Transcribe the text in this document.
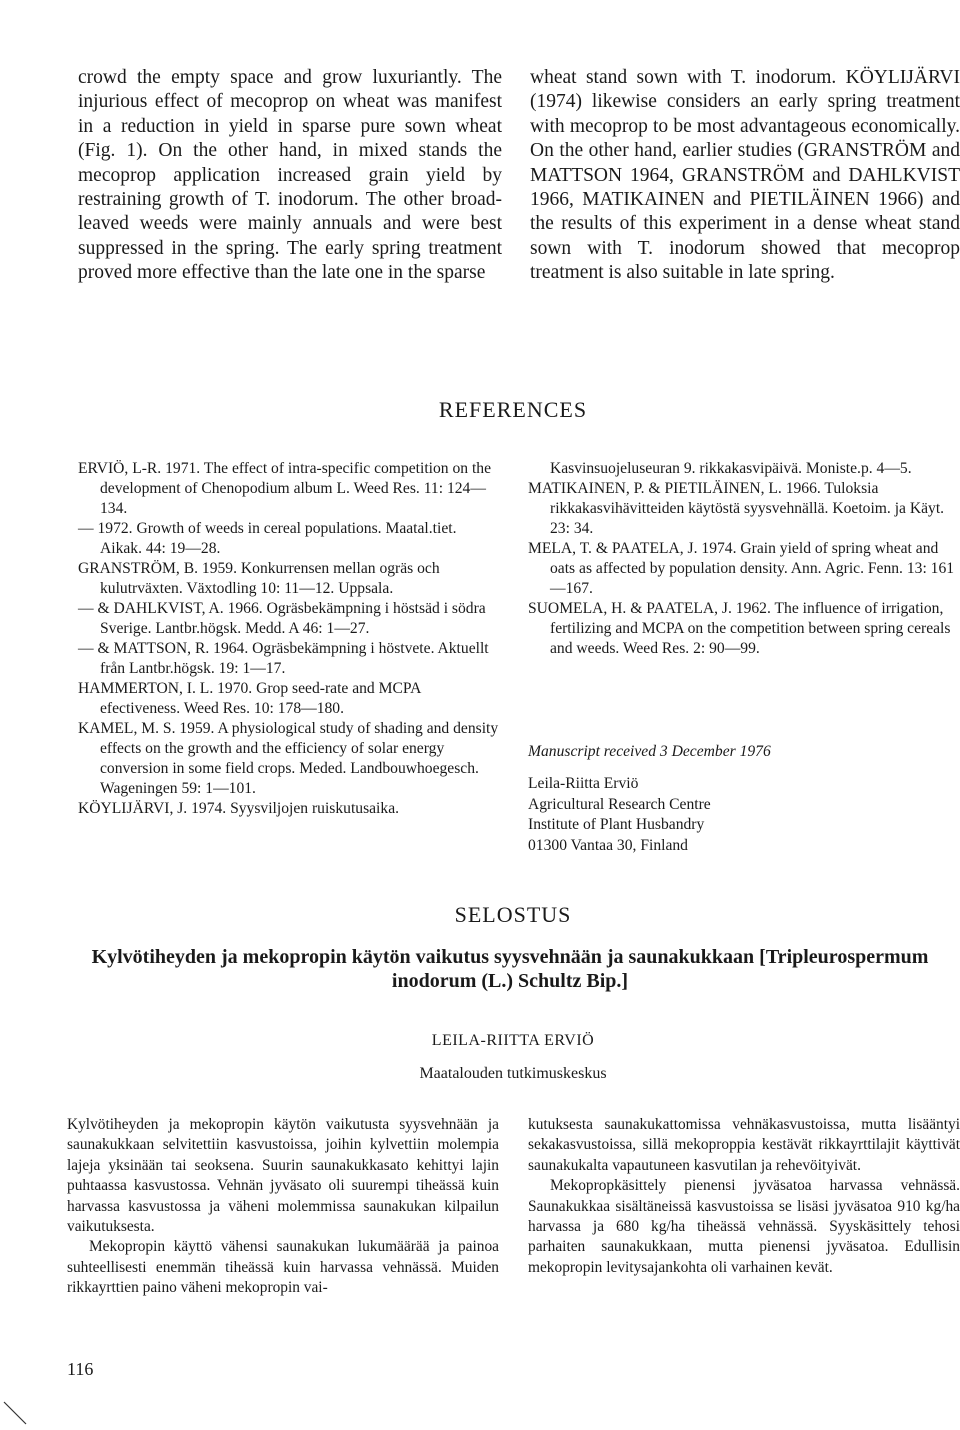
crowd the empty space and grow luxuriantly. The injurious effect of mecoprop on wheat was manifest in a reduction in yield in sparse pure sown wheat (Fig. 1). On the other hand, in mixed stands the mecoprop application increased grain yield by restraining growth of T. inodorum. The other broad-leaved weeds were mainly annuals and were best suppressed in the spring. The early spring treatment proved more effective than the late one in the sparse

wheat stand sown with T. inodorum. KÖYLIJÄRVI (1974) likewise considers an early spring treatment with mecoprop to be most advantageous economically. On the other hand, earlier studies (GRANSTRÖM and MATTSON 1964, GRANSTRÖM and DAHLKVIST 1966, MATIKAINEN and PIETILÄINEN 1966) and the results of this experiment in a dense wheat stand sown with T. inodorum showed that mecoprop treatment is also suitable in late spring.

REFERENCES
ERVIÖ, L-R. 1971. The effect of intra-specific competition on the development of Chenopodium album L. Weed Res. 11: 124—134.
— 1972. Growth of weeds in cereal populations. Maatal.tiet. Aikak. 44: 19—28.
GRANSTRÖM, B. 1959. Konkurrensen mellan ogräs och kulutrväxten. Växtodling 10: 11—12. Uppsala.
— & DAHLKVIST, A. 1966. Ogräsbekämpning i höstsäd i södra Sverige. Lantbr.högsk. Medd. A 46: 1—27.
— & MATTSON, R. 1964. Ogräsbekämpning i höstvete. Aktuellt från Lantbr.högsk. 19: 1—17.
HAMMERTON, I. L. 1970. Grop seed-rate and MCPA efectiveness. Weed Res. 10: 178—180.
KAMEL, M. S. 1959. A physiological study of shading and density effects on the growth and the efficiency of solar energy conversion in some field crops. Meded. Landbouwhoegesch. Wageningen 59: 1—101.
KÖYLIJÄRVI, J. 1974. Syysviljojen ruiskutusaika.
Kasvinsuojeluseuran 9. rikkakasvipäivä. Moniste.p. 4—5.
MATIKAINEN, P. & PIETILÄINEN, L. 1966. Tuloksia rikkakasvihävitteiden käytöstä syysvehnällä. Koetoim. ja Käyt. 23: 34.
MELA, T. & PAATELA, J. 1974. Grain yield of spring wheat and oats as affected by population density. Ann. Agric. Fenn. 13: 161—167.
SUOMELA, H. & PAATELA, J. 1962. The influence of irrigation, fertilizing and MCPA on the competition between spring cereals and weeds. Weed Res. 2: 90—99.
Manuscript received 3 December 1976
Leila-Riitta Erviö
Agricultural Research Centre
Institute of Plant Husbandry
01300 Vantaa 30, Finland
SELOSTUS
Kylvötiheyden ja mekopropin käytön vaikutus syysvehnään ja saunakukkaan [Tripleurospermum inodorum (L.) Schultz Bip.]
LEILA-RIITTA ERVIÖ
Maatalouden tutkimuskeskus

Kylvötiheyden ja mekopropin käytön vaikutusta syysvehnään ja saunakukkaan selvitettiin kasvustoissa, joihin kylvettiin molempia lajeja yksinään tai seoksena. Suurin saunakukkasato kehittyi lajin puhtaassa kasvustossa. Vehnän jyväsato oli suurempi tiheässä kuin harvassa kasvustossa ja väheni molemmissa saunakukan kilpailun vaikutuksesta.

Mekopropin käyttö vähensi saunakukan lukumäärää ja painoa suhteellisesti enemmän tiheässä kuin harvassa vehnässä. Muiden rikkayrttien paino väheni mekopropin vai-

kutuksesta saunakukattomissa vehnäkasvustoissa, mutta lisääntyi sekakasvustoissa, sillä mekoproppia kestävät rikkayrttilajit käyttivät saunakukalta vapautuneen kasvutilan ja rehevöityivät.

Mekopropkäsittely pienensi jyväsatoa harvassa vehnässä. Saunakukkaa sisältäneissä kasvustoissa se lisäsi jyväsatoa 910 kg/ha harvassa ja 680 kg/ha tiheässä vehnässä. Syyskäsittely tehosi parhaiten saunakukkaan, mutta pienensi jyväsatoa. Edullisin mekopropin levitysajankohta oli varhainen kevät.

116
